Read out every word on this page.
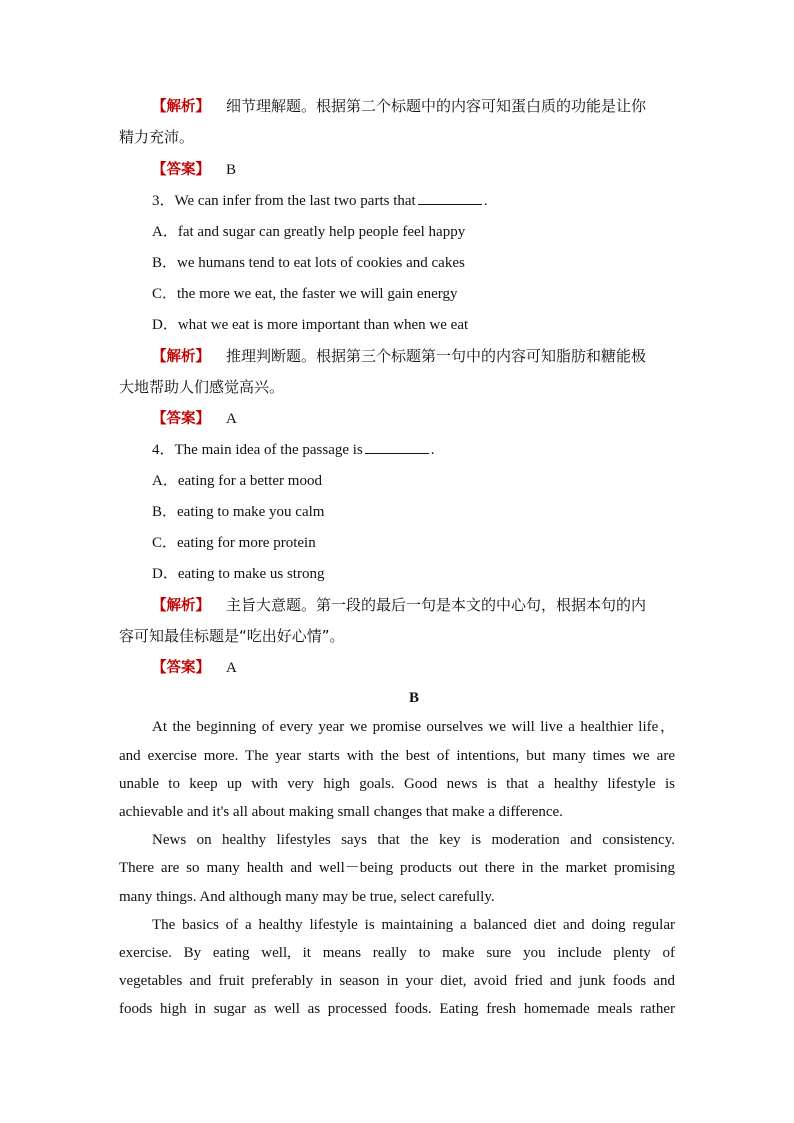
【解析】 细节理解题。根据第二个标题中的内容可知蛋白质的功能是让你
精力充沛。
【答案】 B
3．We can infer from the last two parts that	.
A．fat and sugar can greatly help people feel happy
B．we humans tend to eat lots of cookies and cakes
C．the more we eat, the faster we will gain energy
D．what we eat is more important than when we eat
【解析】 推理判断题。根据第三个标题第一句中的内容可知脂肪和糖能极
大地帮助人们感觉高兴。
【答案】 A
4．The main idea of the passage is	.
A．eating for a better mood
B．eating to make you calm
C．eating for more protein
D．eating to make us strong
【解析】 主旨大意题。第一段的最后一句是本文的中心句，根据本句的内
容可知最佳标题是“吃出好心情”。
【答案】 A
B
At the beginning of every year we promise ourselves we will live a healthier life，
and exercise more. The year starts with the best of intentions, but many times we are
unable to keep up with very high goals. Good news is that a healthy lifestyle is
achievable and it's all about making small changes that make a difference.
News on healthy lifestyles says that the key is moderation and consistency.
There are so many health and well－being products out there in the market promising
many things. And although many may be true, select carefully.
The basics of a healthy lifestyle is maintaining a balanced diet and doing regular
exercise. By eating well, it means really to make sure you include plenty of
vegetables and fruit preferably in season in your diet, avoid fried and junk foods and
foods high in sugar as well as processed foods. Eating fresh homemade meals rather
